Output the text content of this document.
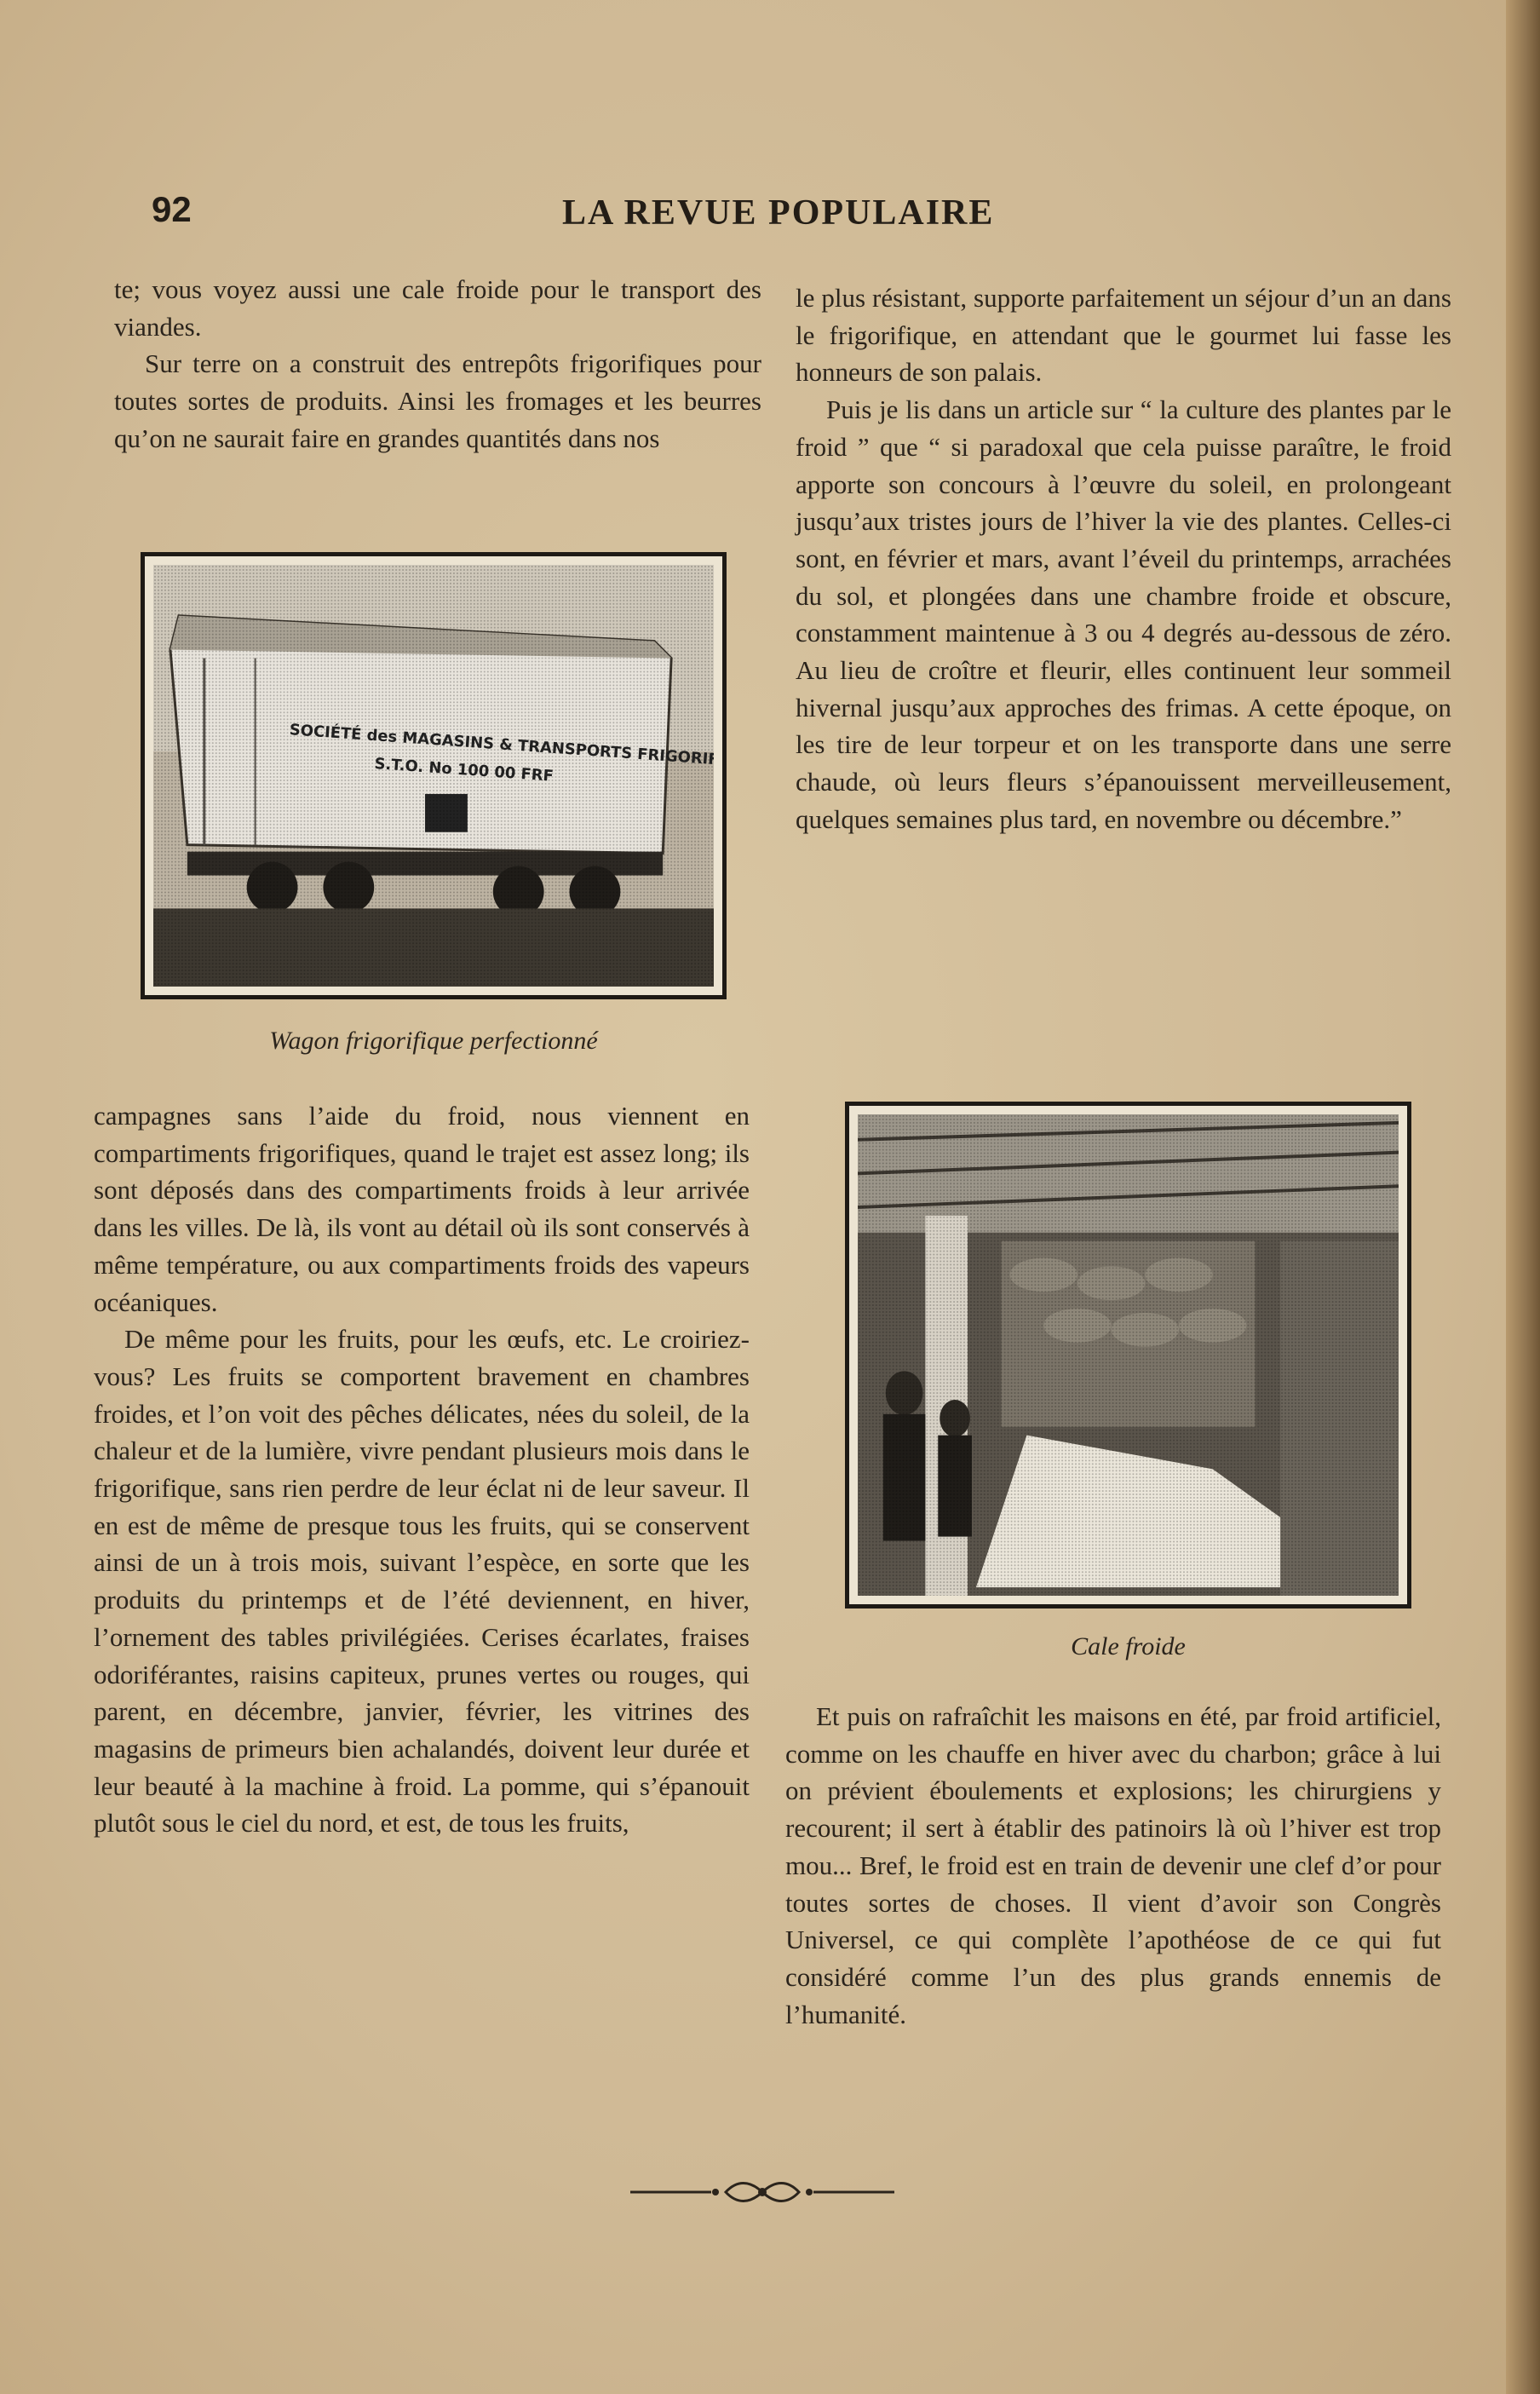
92	LA REVUE POPULAIRE

te; vous voyez aussi une cale froide pour le transport des viandes.

Sur terre on a construit des entrepôts frigorifiques pour toutes sortes de produits. Ainsi les fromages et les beurres qu’on ne saurait faire en grandes quantités dans nos

Wagon frigorifique perfectionné

campagnes sans l’aide du froid, nous viennent en compartiments frigorifiques, quand le trajet est assez long; ils sont déposés dans des compartiments froids à leur arrivée dans les villes. De là, ils vont au détail où ils sont conservés à même température, ou aux compartiments froids des vapeurs océaniques.

De même pour les fruits, pour les œufs, etc. Le croiriez-vous? Les fruits se comportent bravement en chambres froides, et l’on voit des pêches délicates, nées du soleil, de la chaleur et de la lumière, vivre pendant plusieurs mois dans le frigorifique, sans rien perdre de leur éclat ni de leur saveur. Il en est de même de presque tous les fruits, qui se conservent ainsi de un à trois mois, suivant l’espèce, en sorte que les produits du printemps et de l’été deviennent, en hiver, l’ornement des tables privilégiées. Cerises écarlates, fraises odoriférantes, raisins capiteux, prunes vertes ou rouges, qui parent, en décembre, janvier, février, les vitrines des magasins de primeurs bien achalandés, doivent leur durée et leur beauté à la machine à froid. La pomme, qui s’épanouit plutôt sous le ciel du nord, et est, de tous les fruits,

le plus résistant, supporte parfaitement un séjour d’un an dans le frigorifique, en attendant que le gourmet lui fasse les honneurs de son palais.

Puis je lis dans un article sur “ la culture des plantes par le froid ” que “ si paradoxal que cela puisse paraître, le froid apporte son concours à l’œuvre du soleil, en prolongeant jusqu’aux tristes jours de l’hiver la vie des plantes. Celles-ci sont, en février et mars, avant l’éveil du printemps, arrachées du sol, et plongées dans une chambre froide et obscure, constamment maintenue à 3 ou 4 degrés au-dessous de zéro. Au lieu de croître et fleurir, elles continuent leur sommeil hivernal jusqu’aux approches des frimas. A cette époque, on les tire de leur torpeur et on les transporte dans une serre chaude, où leurs fleurs s’épanouissent merveilleusement, quelques semaines plus tard, en novembre ou décembre.”

Cale froide

Et puis on rafraîchit les maisons en été, par froid artificiel, comme on les chauffe en hiver avec du charbon; grâce à lui on prévient éboulements et explosions; les chirurgiens y recourent; il sert à établir des patinoirs là où l’hiver est trop mou... Bref, le froid est en train de devenir une clef d’or pour toutes sortes de choses. Il vient d’avoir son Congrès Universel, ce qui complète l’apothéose de ce qui fut considéré comme l’un des plus grands ennemis de l’humanité.
